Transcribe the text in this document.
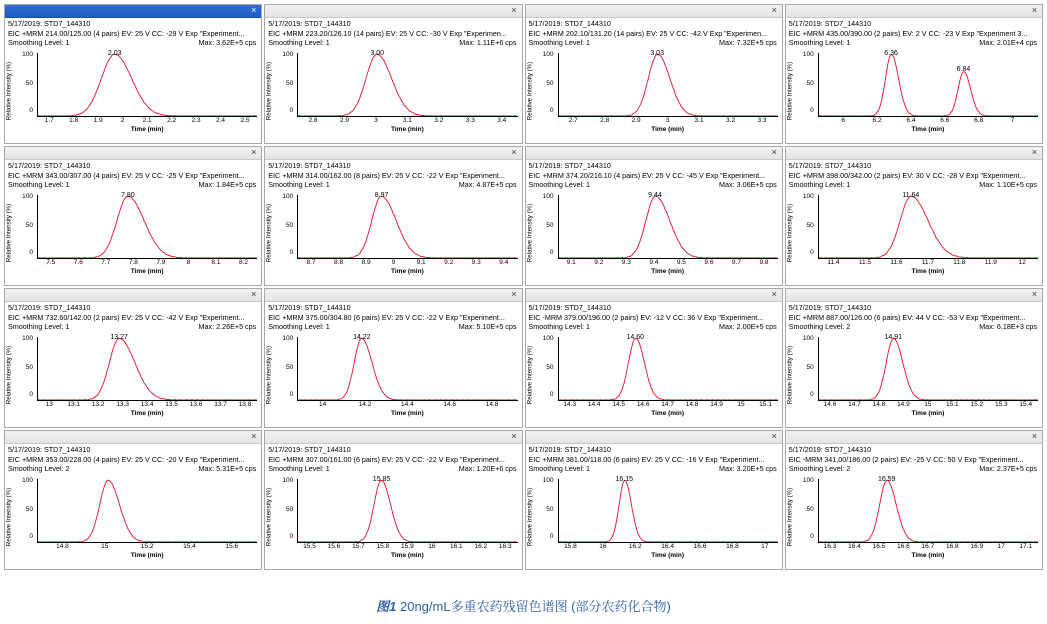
×
5/17/2019: STD7_144310
EIC +MRM 214.00/125.00 (4 pairs) EV: 25 V CC: -29 V Exp "Experiment...
Smoothing Level: 1	Max: 3.62E+5 cps
Relative Intensity (%)
100
50
0
2.03
1.7 1.8 1.9	2	2.1 2.2 2.3 2.4 2.5
Time (min)
×
5/17/2019: STD7_144310
EIC +MRM 223.20/126.10 (14 pairs) EV: 25 V CC: -30 V Exp "Experimen...
Smoothing Level: 1	Max: 1.11E+6 cps
Relative Intensity (%)
100
50
0
3.00
2.8	2.9	3	3.1	3.2	3.3	3.4
Time (min)
×
5/17/2019: STD7_144310
EIC +MRM 202.10/131.20 (14 pairs) EV: 25 V CC: -42 V Exp "Experimen...
Smoothing Level: 1	Max: 7.32E+5 cps
Relative Intensity (%)
100
50
0
3.03
2.7	2.8	2.9	3	3.1	3.2	3.3
Time (min)
×
5/17/2019: STD7_144310
EIC +MRM 435.00/390.00 (2 pairs) EV: 2 V CC: -23 V Exp "Experiment 3...
Smoothing Level: 1	Max: 2.01E+4 cps
Relative Intensity (%)
100
50
0
6.36
6.84
6	6.2	6.4	6.6	6.8	7
Time (min)
×
5/17/2019: STD7_144310
EIC +MRM 343.00/307.00 (4 pairs) EV: 25 V CC: -25 V Exp "Experiment...
Smoothing Level: 1	Max: 1.84E+5 cps
Relative Intensity (%)
100
50
0
7.80
7.5	7.6	7.7	7.8	7.9	8	8.1	8.2
Time (min)
×
5/17/2019: STD7_144310
EIC +MRM 314.00/162.00 (8 pairs) EV: 25 V CC: -22 V Exp "Experiment...
Smoothing Level: 1	Max: 4.87E+5 cps
Relative Intensity (%)
100
50
0
8.97
8.7	8.8	8.9	9	9.1	9.2	9.3	9.4
Time (min)
×
5/17/2019: STD7_144310
EIC +MRM 374.20/216.10 (4 pairs) EV: 25 V CC: -45 V Exp "Experiment...
Smoothing Level: 1	Max: 3.06E+5 cps
Relative Intensity (%)
100
50
0
9.44
9.1	9.2	9.3	9.4	9.5	9.6	9.7	9.8
Time (min)
×
5/17/2019: STD7_144310
EIC +MRM 398.00/342.00 (2 pairs) EV: 30 V CC: -28 V Exp "Experiment...
Smoothing Level: 1	Max: 1.10E+5 cps
Relative Intensity (%)
100
50
0
11.64
11.4	11.5	11.6	11.7	11.8	11.9	12
Time (min)
×
5/17/2019: STD7_144310
EIC +MRM 732.60/142.00 (2 pairs) EV: 25 V CC: -42 V Exp "Experiment...
Smoothing Level: 1	Max: 2.26E+5 cps
Relative Intensity (%)
100
50
0
13.27
13 13.1 13.2 13.3 13.4 13.5 13.6 13.7 13.8
Time (min)
×
5/17/2019: STD7_144310
EIC +MRM 375.00/304.80 (6 pairs) EV: 25 V CC: -22 V Exp "Experiment...
Smoothing Level: 1	Max: 5.10E+5 cps
Relative Intensity (%)
100
50
0
14.22
14	14.2	14.4	14.6	14.8
Time (min)
×
5/17/2019: STD7_144310
EIC -MRM 379.00/196.00 (2 pairs) EV: -12 V CC: 36 V Exp "Experiment...
Smoothing Level: 1	Max: 2.00E+5 cps
Relative Intensity (%)
100
50
0
14.60
14.3 14.4 14.5 14.6 14.7 14.8 14.9 15 15.1
Time (min)
×
5/17/2019: STD7_144310
EIC +MRM 887.00/126.00 (6 pairs) EV: 44 V CC: -53 V Exp "Experiment...
Smoothing Level: 2	Max: 6.18E+3 cps
Relative Intensity (%)
100
50
0
14.91
14.6 14.7 14.8 14.9 15 15.1 15.2 15.3 15.4
Time (min)
×
5/17/2019: STD7_144310
EIC +MRM 353.00/228.00 (4 pairs) EV: 25 V CC: -20 V Exp "Experiment...
Smoothing Level: 2	Max: 5.31E+5 cps
Relative Intensity (%)
100
50
0
14.8	15	15.2	15.4	15.6
Time (min)
×
5/17/2019: STD7_144310
EIC +MRM 307.00/161.00 (6 pairs) EV: 25 V CC: -22 V Exp "Experiment...
Smoothing Level: 1	Max: 1.20E+6 cps
Relative Intensity (%)
100
50
0
15.85
15.5 15.6 15.7 15.8 15.9 16 16.1 16.2 16.3
Time (min)
×
5/17/2019: STD7_144310
EIC +MRM 381.00/118.00 (6 pairs) EV: 25 V CC: -16 V Exp "Experiment...
Smoothing Level: 1	Max: 3.20E+5 cps
Relative Intensity (%)
100
50
0
16.15
15.8	16	16.2	16.4	16.6	16.8	17
Time (min)
×
5/17/2019: STD7_144310
EIC -MRM 341.00/186.00 (2 pairs) EV: -25 V CC: 50 V Exp "Experiment...
Smoothing Level: 2	Max: 2.37E+5 cps
Relative Intensity (%)
100
50
0
16.59
16.3 16.4 16.5 16.6 16.7 16.8 16.9 17 17.1
Time (min)
图1 20ng/mL多重农药残留色谱图 (部分农药化合物)
